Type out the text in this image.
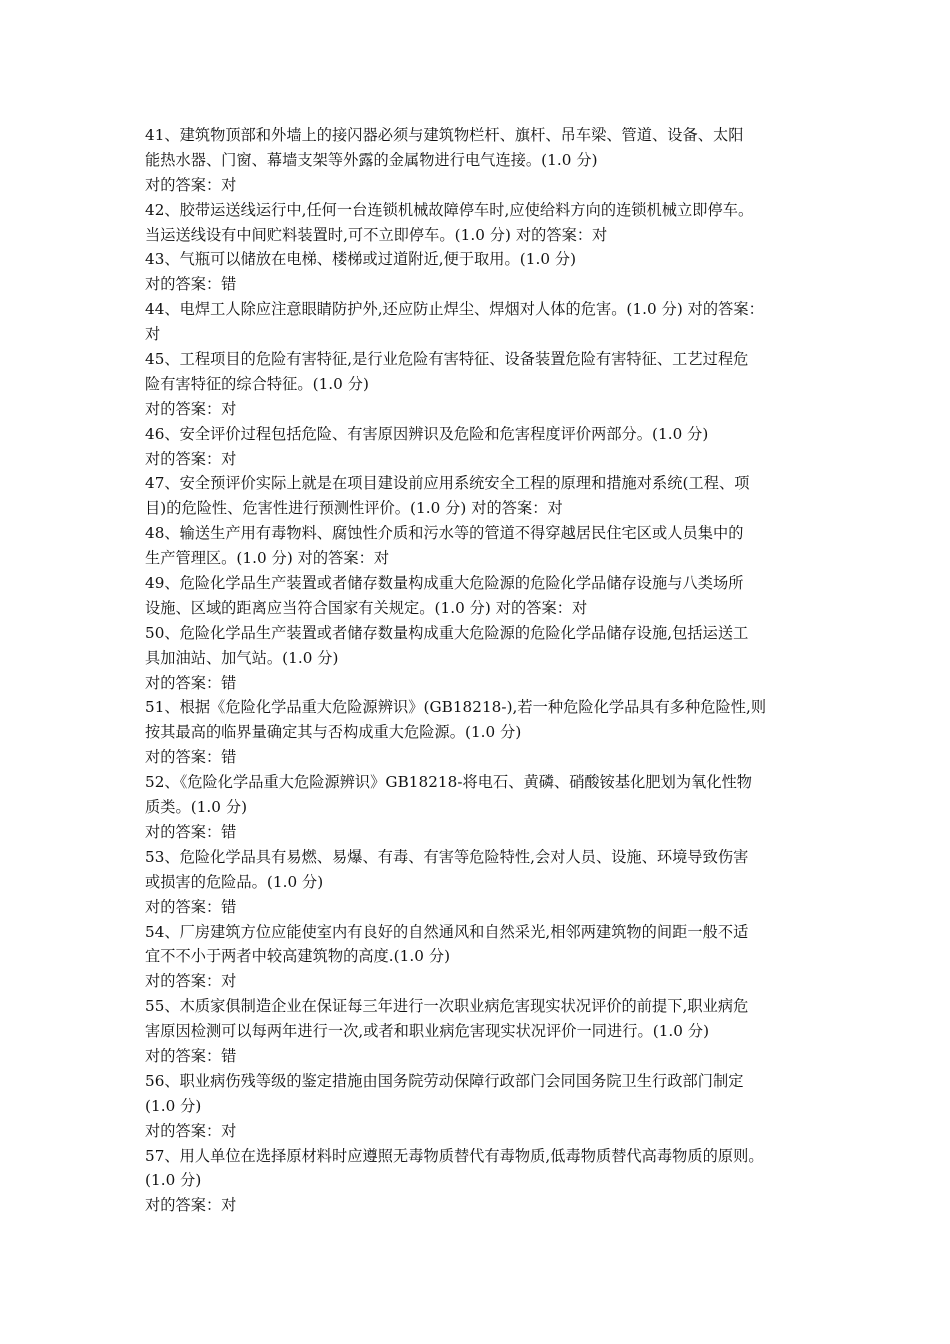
41、建筑物顶部和外墙上的接闪器必须与建筑物栏杆、旗杆、吊车梁、管道、设备、太阳
能热水器、门窗、幕墙支架等外露的金属物进行电气连接。(1.0 分)
对的答案：对
42、胶带运送线运行中,任何一台连锁机械故障停车时,应使给料方向的连锁机械立即停车。
当运送线设有中间贮料装置时,可不立即停车。(1.0 分) 对的答案：对
43、气瓶可以储放在电梯、楼梯或过道附近,便于取用。(1.0 分)
对的答案：错
44、电焊工人除应注意眼睛防护外,还应防止焊尘、焊烟对人体的危害。(1.0 分) 对的答案：
对
45、工程项目的危险有害特征,是行业危险有害特征、设备装置危险有害特征、工艺过程危
险有害特征的综合特征。(1.0 分)
对的答案：对
46、安全评价过程包括危险、有害原因辨识及危险和危害程度评价两部分。(1.0 分)
对的答案：对
47、安全预评价实际上就是在项目建设前应用系统安全工程的原理和措施对系统(工程、项
目)的危险性、危害性进行预测性评价。(1.0 分) 对的答案：对
48、输送生产用有毒物料、腐蚀性介质和污水等的管道不得穿越居民住宅区或人员集中的
生产管理区。(1.0 分) 对的答案：对
49、危险化学品生产装置或者储存数量构成重大危险源的危险化学品储存设施与八类场所
设施、区域的距离应当符合国家有关规定。(1.0 分) 对的答案：对
50、危险化学品生产装置或者储存数量构成重大危险源的危险化学品储存设施,包括运送工
具加油站、加气站。(1.0 分)
对的答案：错
51、根据《危险化学品重大危险源辨识》(GB18218-),若一种危险化学品具有多种危险性,则
按其最高的临界量确定其与否构成重大危险源。(1.0 分)
对的答案：错
52、《危险化学品重大危险源辨识》GB18218-将电石、黄磷、硝酸铵基化肥划为氧化性物
质类。(1.0 分)
对的答案：错
53、危险化学品具有易燃、易爆、有毒、有害等危险特性,会对人员、设施、环境导致伤害
或损害的危险品。(1.0 分)
对的答案：错
54、厂房建筑方位应能使室内有良好的自然通风和自然采光,相邻两建筑物的间距一般不适
宜不不小于两者中较高建筑物的高度.(1.0 分)
对的答案：对
55、木质家俱制造企业在保证每三年进行一次职业病危害现实状况评价的前提下,职业病危
害原因检测可以每两年进行一次,或者和职业病危害现实状况评价一同进行。(1.0 分)
对的答案：错
56、职业病伤残等级的鉴定措施由国务院劳动保障行政部门会同国务院卫生行政部门制定
(1.0 分)
对的答案：对
57、用人单位在选择原材料时应遵照无毒物质替代有毒物质,低毒物质替代高毒物质的原则。
(1.0 分)
对的答案：对
